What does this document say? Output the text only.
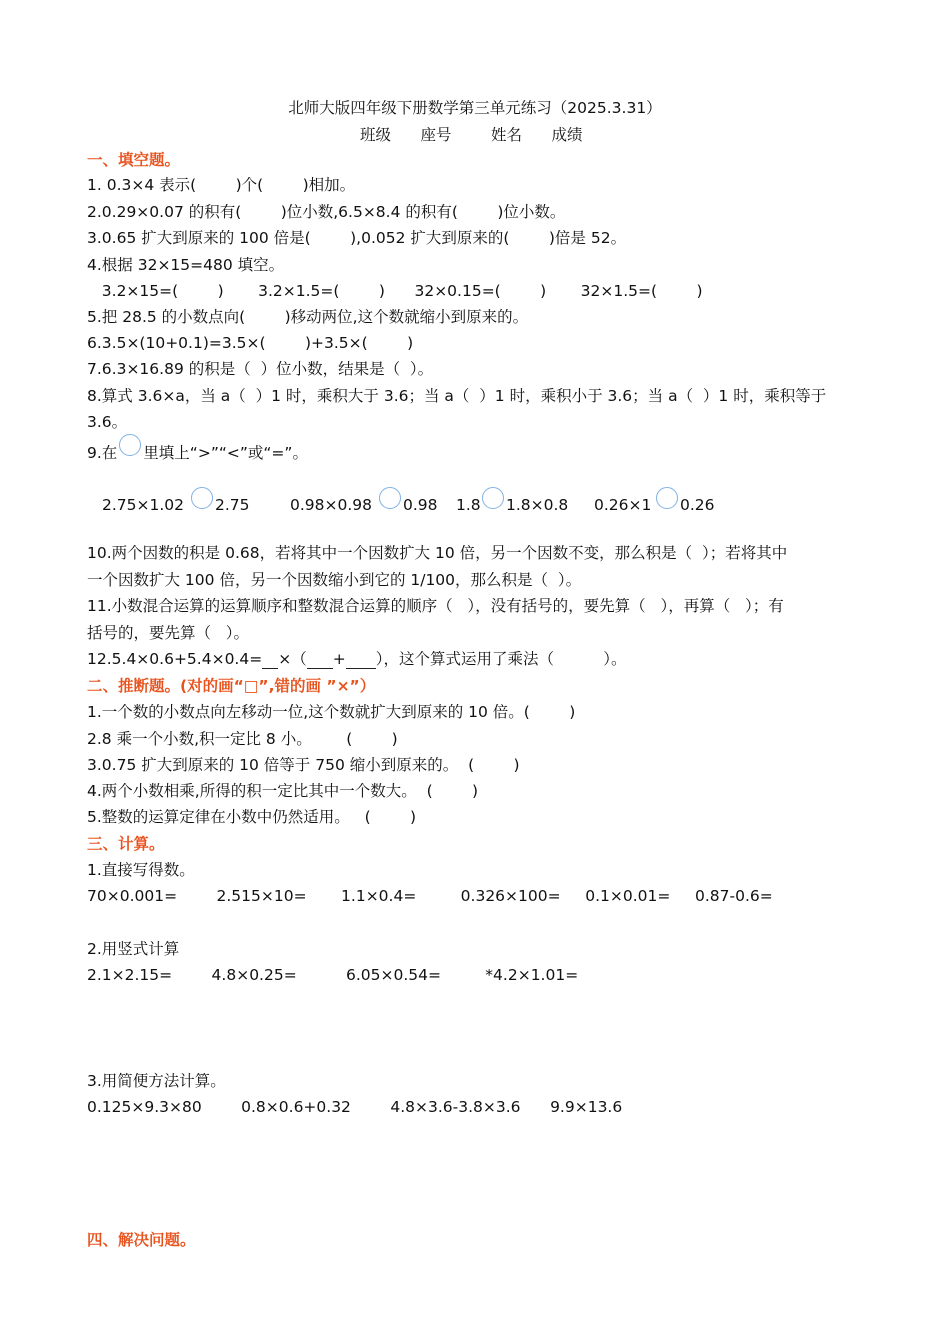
北师大版四年级下册数学第三单元练习（2025.3.31）
班级      座号        姓名      成绩
一、填空题。
1. 0.3×4 表示(        )个(        )相加。
2.0.29×0.07 的积有(        )位小数,6.5×8.4 的积有(        )位小数。
3.0.65 扩大到原来的 100 倍是(        ),0.052 扩大到原来的(        )倍是 52。
4.根据 32×15=480 填空。
3.2×15=(        )       3.2×1.5=(        )      32×0.15=(        )       32×1.5=(        )
5.把 28.5 的小数点向(        )移动两位,这个数就缩小到原来的。
6.3.5×(10+0.1)=3.5×(        )+3.5×(        )
7.6.3×16.89 的积是（  ）位小数，结果是（  ）。
8.算式 3.6×a，当 a（  ）1 时，乘积大于 3.6；当 a（  ）1 时，乘积小于 3.6；当 a（  ）1 时，乘积等于
3.6。
9.在 里填上“>”“<”或“=”。
2.75×1.02 2.75	0.98×0.98 0.98 1.8 1.8×0.8 0.26×1 0.26
10.两个因数的积是 0.68，若将其中一个因数扩大 10 倍，另一个因数不变，那么积是（  ）；若将其中
一个因数扩大 100 倍，另一个因数缩小到它的 1/100，那么积是（  ）。
11.小数混合运算的运算顺序和整数混合运算的顺序（   ），没有括号的，要先算（   ），再算（   ）；有
括号的，要先算（   ）。
12.5.4×0.6+5.4×0.4= ×（ + ），这个算式运用了乘法（          ）。
二、推断题。(对的画“□”,错的画 ”×”）
1.一个数的小数点向左移动一位,这个数就扩大到原来的 10 倍。(        )
2.8 乘一个小数,积一定比 8 小。       (        )
3.0.75 扩大到原来的 10 倍等于 750 缩小到原来的。  (        )
4.两个小数相乘,所得的积一定比其中一个数大。  (        )
5.整数的运算定律在小数中仍然适用。   (        )
三、计算。
1.直接写得数。
70×0.001=        2.515×10=       1.1×0.4=         0.326×100=     0.1×0.01=     0.87-0.6=
2.用竖式计算
2.1×2.15=        4.8×0.25=          6.05×0.54=         *4.2×1.01=
3.用简便方法计算。
0.125×9.3×80        0.8×0.6+0.32        4.8×3.6-3.8×3.6      9.9×13.6
四、解决问题。
